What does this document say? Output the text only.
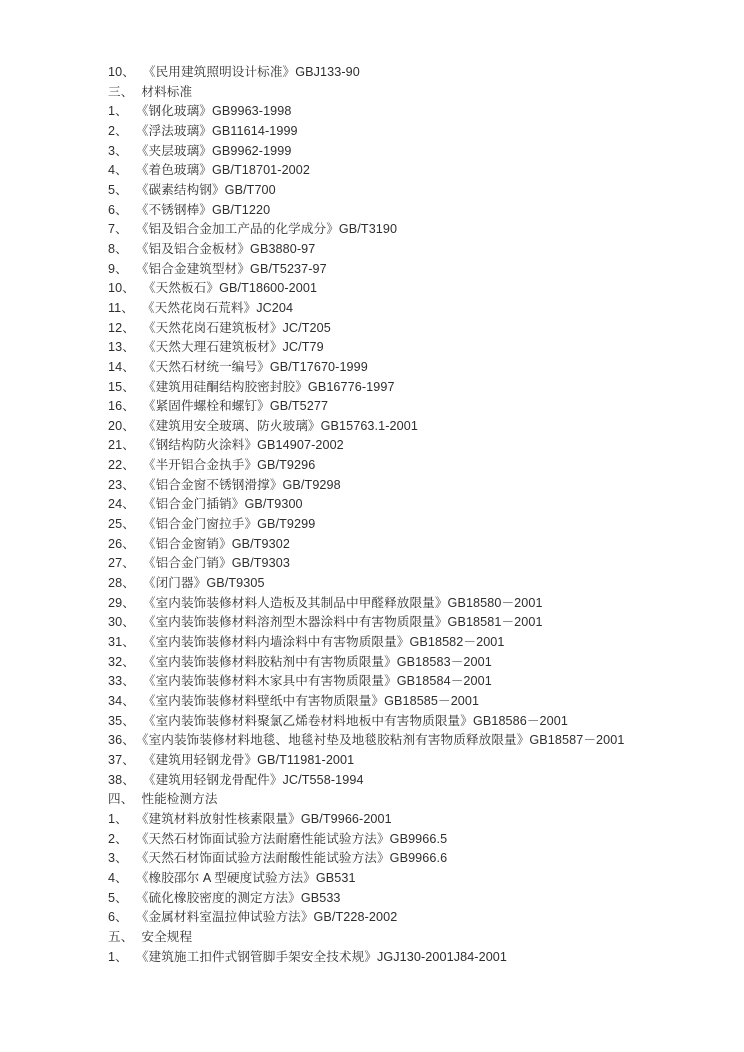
10、 《民用建筑照明设计标准》GBJ133-90
三、 材料标准
1、 《钢化玻璃》GB9963-1998
2、 《浮法玻璃》GB11614-1999
3、 《夹层玻璃》GB9962-1999
4、 《着色玻璃》GB/T18701-2002
5、 《碳素结构钢》GB/T700
6、 《不锈钢棒》GB/T1220
7、 《铝及铝合金加工产品的化学成分》GB/T3190
8、 《铝及铝合金板材》GB3880-97
9、 《铝合金建筑型材》GB/T5237-97
10、 《天然板石》GB/T18600-2001
11、 《天然花岗石荒料》JC204
12、 《天然花岗石建筑板材》JC/T205
13、 《天然大理石建筑板材》JC/T79
14、 《天然石材统一编号》GB/T17670-1999
15、 《建筑用硅酮结构胶密封胶》GB16776-1997
16、 《紧固件螺栓和螺钉》GB/T5277
20、 《建筑用安全玻璃、防火玻璃》GB15763.1-2001
21、 《钢结构防火涂料》GB14907-2002
22、 《半开铝合金执手》GB/T9296
23、 《铝合金窗不锈钢滑撑》GB/T9298
24、 《铝合金门插销》GB/T9300
25、 《铝合金门窗拉手》GB/T9299
26、 《铝合金窗销》GB/T9302
27、 《铝合金门销》GB/T9303
28、 《闭门器》GB/T9305
29、 《室内装饰装修材料人造板及其制品中甲醛释放限量》GB18580－2001
30、 《室内装饰装修材料溶剂型木器涂料中有害物质限量》GB18581－2001
31、 《室内装饰装修材料内墙涂料中有害物质限量》GB18582－2001
32、 《室内装饰装修材料胶粘剂中有害物质限量》GB18583－2001
33、 《室内装饰装修材料木家具中有害物质限量》GB18584－2001
34、 《室内装饰装修材料壁纸中有害物质限量》GB18585－2001
35、 《室内装饰装修材料聚氯乙烯卷材料地板中有害物质限量》GB18586－2001
36、《室内装饰装修材料地毯、地毯衬垫及地毯胶粘剂有害物质释放限量》GB18587－2001
37、 《建筑用轻钢龙骨》GB/T11981-2001
38、 《建筑用轻钢龙骨配件》JC/T558-1994
四、 性能检测方法
1、 《建筑材料放射性核素限量》GB/T9966-2001
2、 《天然石材饰面试验方法耐磨性能试验方法》GB9966.5
3、 《天然石材饰面试验方法耐酸性能试验方法》GB9966.6
4、 《橡胶邵尔 A 型硬度试验方法》GB531
5、 《硫化橡胶密度的测定方法》GB533
6、 《金属材料室温拉伸试验方法》GB/T228-2002
五、 安全规程
1、 《建筑施工扣件式钢管脚手架安全技术规》JGJ130-2001J84-2001
